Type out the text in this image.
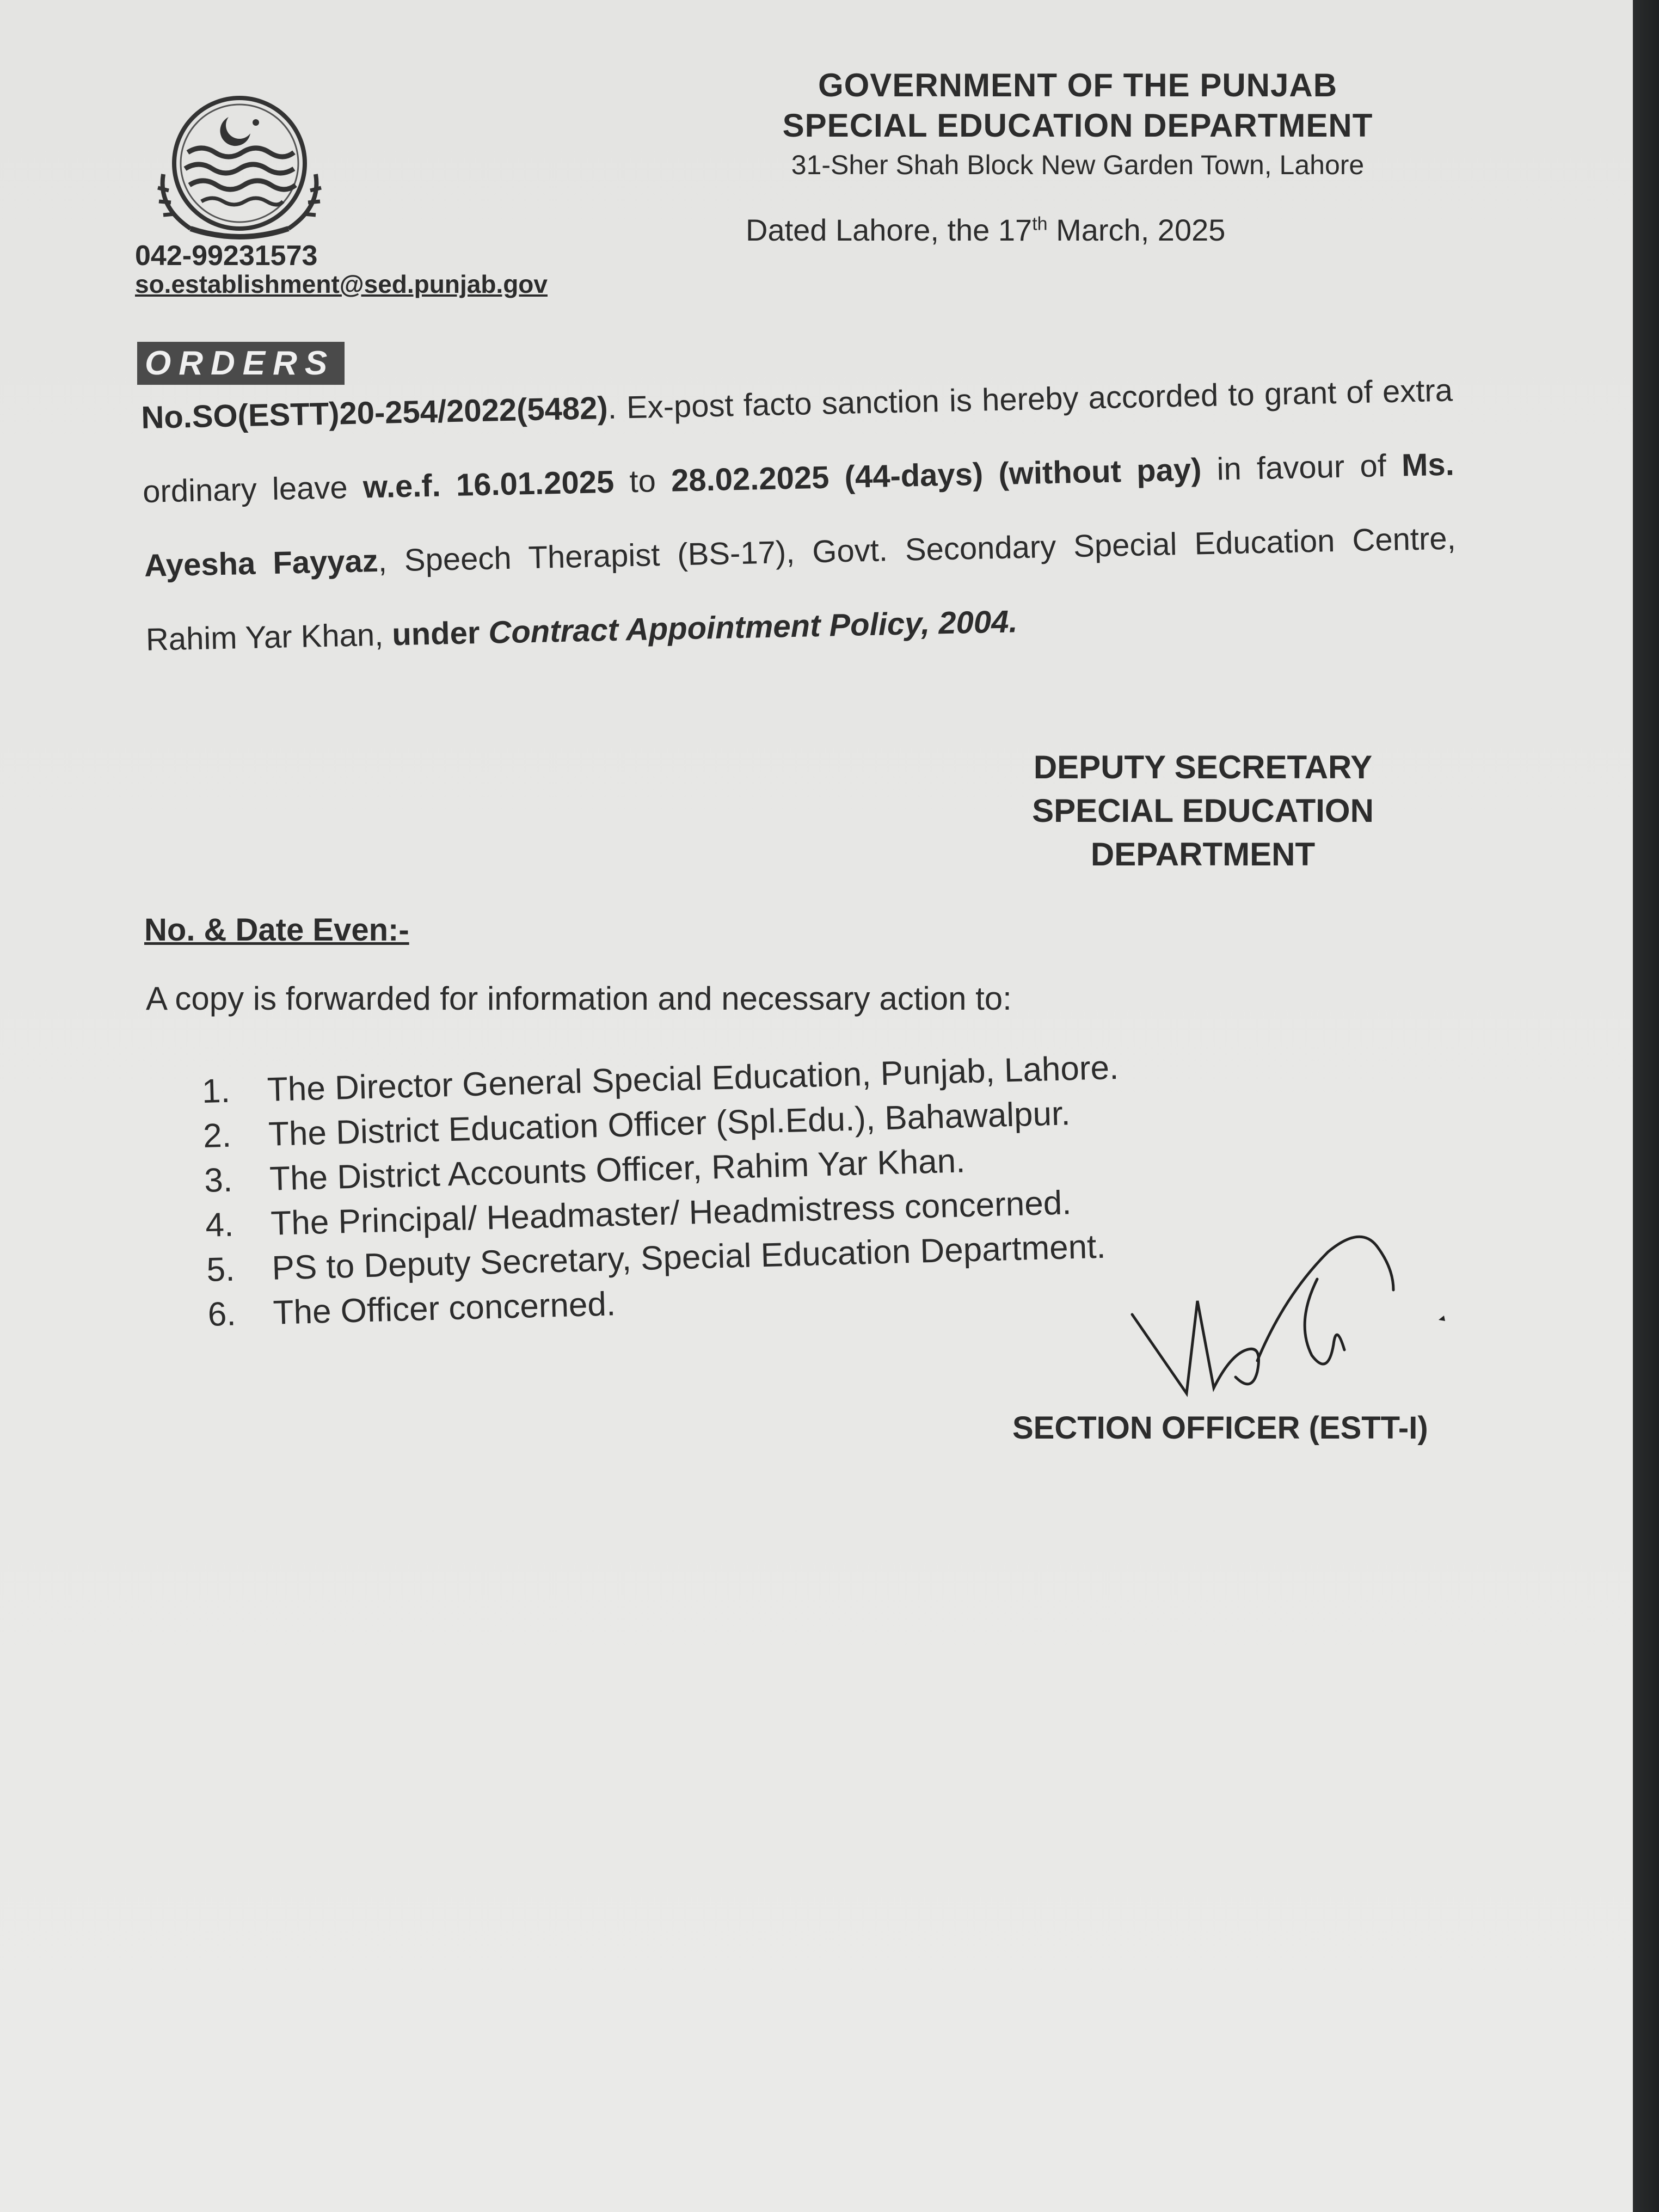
GOVERNMENT OF THE PUNJAB
SPECIAL EDUCATION DEPARTMENT
31-Sher Shah Block New Garden Town, Lahore
Dated Lahore, the 17th March, 2025
042-99231573
so.establishment@sed.punjab.gov
ORDERS
No.SO(ESTT)20-254/2022(5482). Ex-post facto sanction is hereby accorded to grant of extra ordinary leave w.e.f. 16.01.2025 to 28.02.2025 (44-days) (without pay) in favour of Ms. Ayesha Fayyaz, Speech Therapist (BS-17), Govt. Secondary Special Education Centre, Rahim Yar Khan, under Contract Appointment Policy, 2004.
DEPUTY SECRETARY
SPECIAL EDUCATION
DEPARTMENT
No. & Date Even:-
A copy is forwarded for information and necessary action to:
1. The Director General Special Education, Punjab, Lahore.
2. The District Education Officer (Spl.Edu.), Bahawalpur.
3. The District Accounts Officer, Rahim Yar Khan.
4. The Principal/ Headmaster/ Headmistress concerned.
5. PS to Deputy Secretary, Special Education Department.
6. The Officer concerned.
SECTION OFFICER (ESTT-I)
